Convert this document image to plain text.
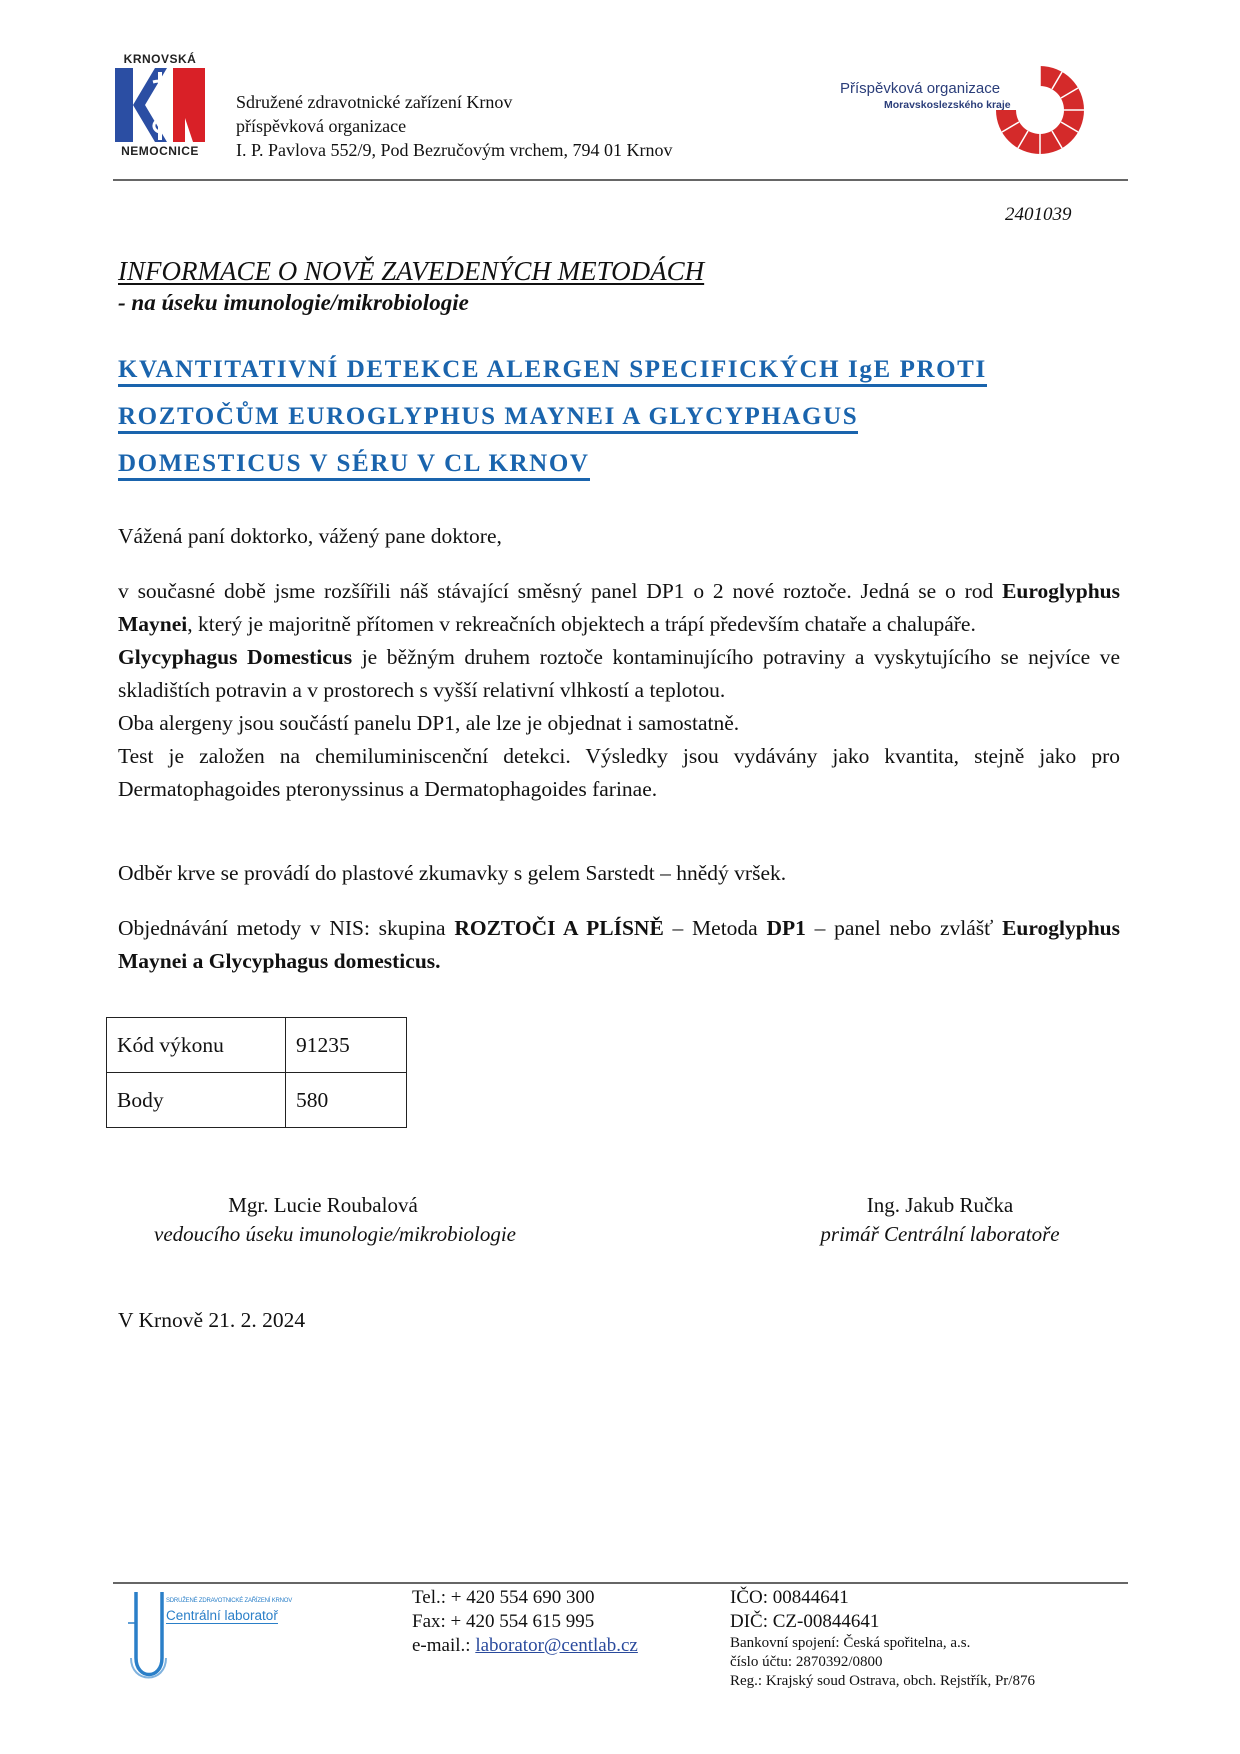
KRNOVSKÁ
NEMOCNICE
Sdružené zdravotnické zařízení Krnov
příspěvková organizace
I. P. Pavlova 552/9, Pod Bezručovým vrchem, 794 01 Krnov
Příspěvková organizace
Moravskoslezského kraje
2401039
INFORMACE O NOVĚ ZAVEDENÝCH METODÁCH
- na úseku imunologie/mikrobiologie
KVANTITATIVNÍ DETEKCE ALERGEN SPECIFICKÝCH IgE PROTI
ROZTOČŮM EUROGLYPHUS MAYNEI A GLYCYPHAGUS
DOMESTICUS V SÉRU V CL KRNOV

Vážená paní doktorko, vážený pane doktore,

v současné době jsme rozšířili náš stávající směsný panel DP1 o 2 nové roztoče. Jedná se o rod Euroglyphus Maynei, který je majoritně přítomen v rekreačních objektech a trápí především chataře a chalupáře.

Glycyphagus Domesticus je běžným druhem roztoče kontaminujícího potraviny a vyskytujícího se nejvíce ve skladištích potravin a v prostorech s vyšší relativní vlhkostí a teplotou.

Oba alergeny jsou součástí panelu DP1, ale lze je objednat i samostatně.

Test je založen na chemiluminiscenční detekci. Výsledky jsou vydávány jako kvantita, stejně jako pro Dermatophagoides pteronyssinus a Dermatophagoides farinae.

Odběr krve se provádí do plastové zkumavky s gelem Sarstedt – hnědý vršek.

Objednávání metody v NIS: skupina ROZTOČI A PLÍSNĚ – Metoda DP1 – panel nebo zvlášť Euroglyphus Maynei a Glycyphagus domesticus.

Kód výkonu	91235
Body	580
Mgr. Lucie Roubalová
vedoucího úseku imunologie/mikrobiologie
Ing. Jakub Ručka
primář Centrální laboratoře
V Krnově 21. 2. 2024
SDRUŽENÉ ZDRAVOTNICKÉ ZAŘÍZENÍ KRNOV
Centrální laboratoř
Tel.: + 420 554 690 300
Fax: + 420 554 615 995
e-mail.: laborator@centlab.cz
IČO: 00844641
DIČ: CZ-00844641
Bankovní spojení: Česká spořitelna, a.s.
číslo účtu: 2870392/0800
Reg.: Krajský soud Ostrava, obch. Rejstřík, Pr/876
